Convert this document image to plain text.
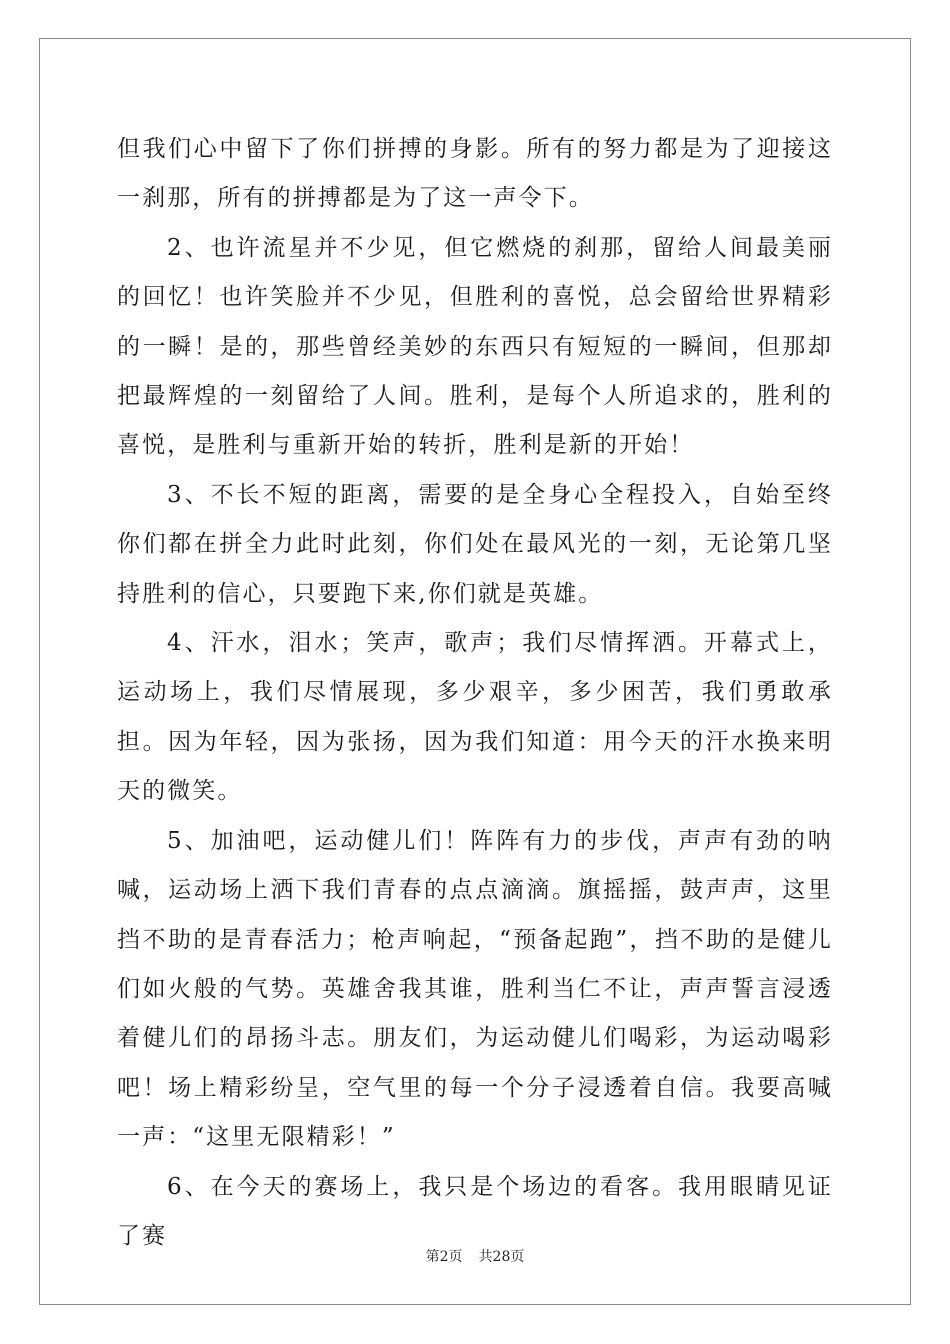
但我们心中留下了你们拼搏的身影。所有的努力都是为了迎接这一刹那，所有的拼搏都是为了这一声令下。

2、也许流星并不少见，但它燃烧的刹那，留给人间最美丽的回忆！也许笑脸并不少见，但胜利的喜悦，总会留给世界精彩的一瞬！是的，那些曾经美妙的东西只有短短的一瞬间，但那却把最辉煌的一刻留给了人间。胜利，是每个人所追求的，胜利的喜悦，是胜利与重新开始的转折，胜利是新的开始！

3、不长不短的距离，需要的是全身心全程投入，自始至终你们都在拼全力此时此刻，你们处在最风光的一刻，无论第几坚持胜利的信心，只要跑下来,你们就是英雄。

4、汗水，泪水；笑声，歌声；我们尽情挥洒。开幕式上，运动场上，我们尽情展现，多少艰辛，多少困苦，我们勇敢承担。因为年轻，因为张扬，因为我们知道：用今天的汗水换来明天的微笑。

5、加油吧，运动健儿们！阵阵有力的步伐，声声有劲的呐喊，运动场上洒下我们青春的点点滴滴。旗摇摇，鼓声声，这里挡不助的是青春活力；枪声响起，“预备起跑”，挡不助的是健儿们如火般的气势。英雄舍我其谁，胜利当仁不让，声声誓言浸透着健儿们的昂扬斗志。朋友们，为运动健儿们喝彩，为运动喝彩吧！场上精彩纷呈，空气里的每一个分子浸透着自信。我要高喊一声：“这里无限精彩！”

6、在今天的赛场上，我只是个场边的看客。我用眼睛见证了赛

第2页 共28页
